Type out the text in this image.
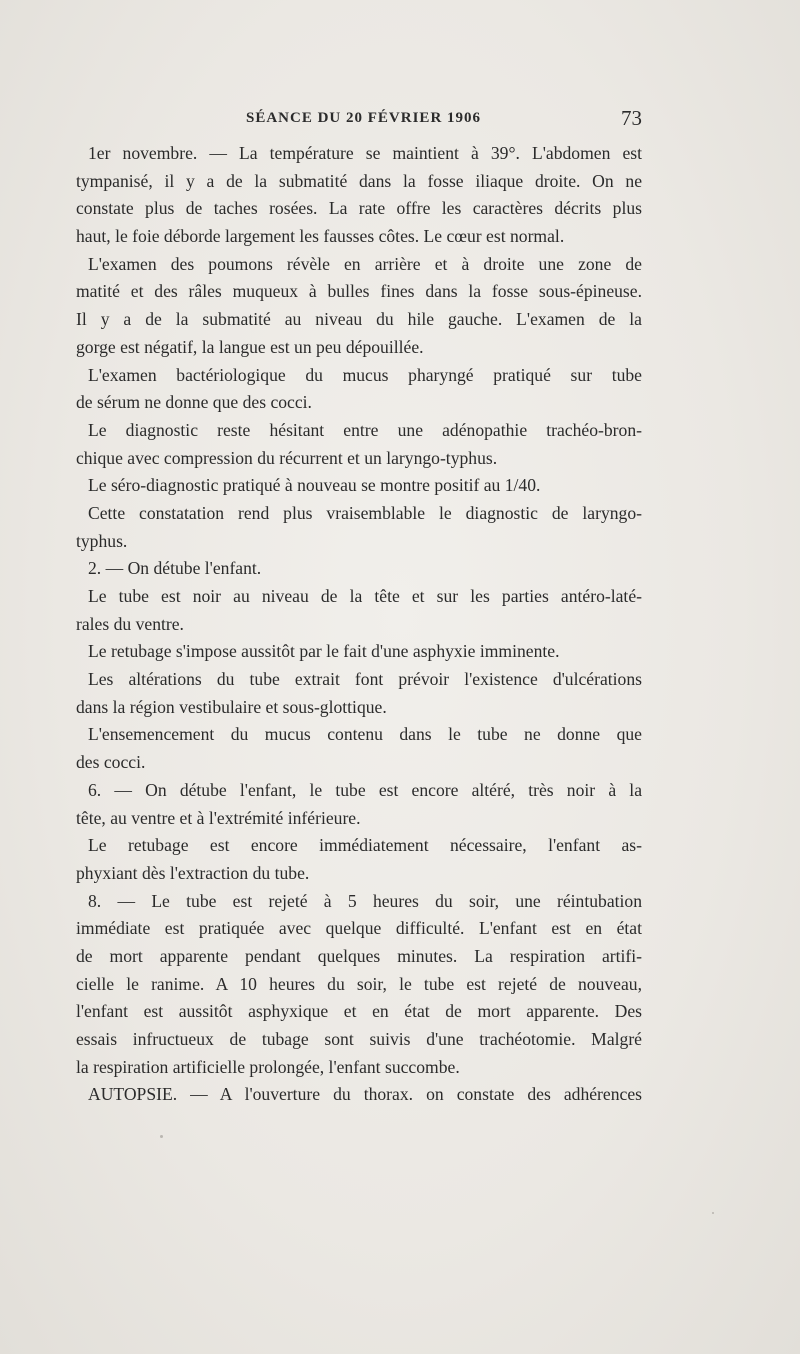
SÉANCE DU 20 FÉVRIER 1906	73
1er novembre. — La température se maintient à 39°. L'abdomen est
tympanisé, il y a de la submatité dans la fosse iliaque droite. On ne
constate plus de taches rosées. La rate offre les caractères décrits plus
haut, le foie déborde largement les fausses côtes. Le cœur est normal.
L'examen des poumons révèle en arrière et à droite une zone de
matité et des râles muqueux à bulles fines dans la fosse sous-épineuse.
Il y a de la submatité au niveau du hile gauche. L'examen de la
gorge est négatif, la langue est un peu dépouillée.
L'examen bactériologique du mucus pharyngé pratiqué sur tube
de sérum ne donne que des cocci.
Le diagnostic reste hésitant entre une adénopathie trachéo-bron-
chique avec compression du récurrent et un laryngo-typhus.
Le séro-diagnostic pratiqué à nouveau se montre positif au 1/40.
Cette constatation rend plus vraisemblable le diagnostic de laryngo-
typhus.
2. — On détube l'enfant.
Le tube est noir au niveau de la tête et sur les parties antéro-laté-
rales du ventre.
Le retubage s'impose aussitôt par le fait d'une asphyxie imminente.
Les altérations du tube extrait font prévoir l'existence d'ulcérations
dans la région vestibulaire et sous-glottique.
L'ensemencement du mucus contenu dans le tube ne donne que
des cocci.
6. — On détube l'enfant, le tube est encore altéré, très noir à la
tête, au ventre et à l'extrémité inférieure.
Le retubage est encore immédiatement nécessaire, l'enfant as-
phyxiant dès l'extraction du tube.
8. — Le tube est rejeté à 5 heures du soir, une réintubation
immédiate est pratiquée avec quelque difficulté. L'enfant est en état
de mort apparente pendant quelques minutes. La respiration artifi-
cielle le ranime. A 10 heures du soir, le tube est rejeté de nouveau,
l'enfant est aussitôt asphyxique et en état de mort apparente. Des
essais infructueux de tubage sont suivis d'une trachéotomie. Malgré
la respiration artificielle prolongée, l'enfant succombe.
AUTOPSIE. — A l'ouverture du thorax. on constate des adhérences
